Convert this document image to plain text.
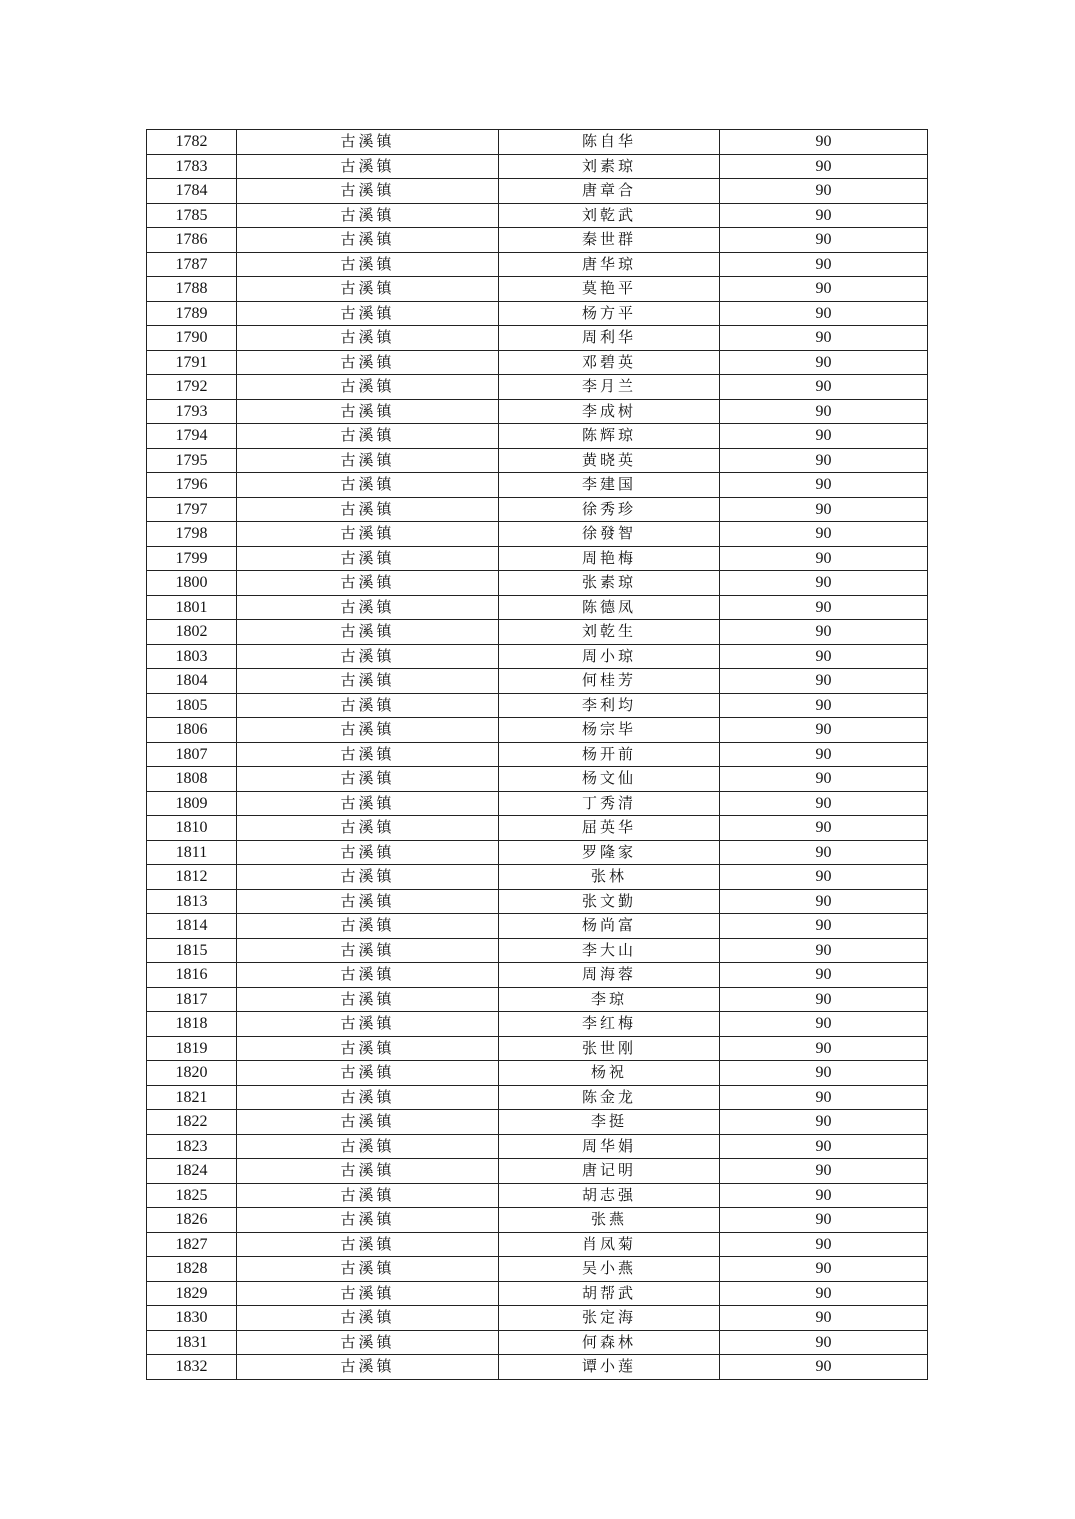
1782	古溪镇	陈自华	90
1783	古溪镇	刘素琼	90
1784	古溪镇	唐章合	90
1785	古溪镇	刘乾武	90
1786	古溪镇	秦世群	90
1787	古溪镇	唐华琼	90
1788	古溪镇	莫艳平	90
1789	古溪镇	杨方平	90
1790	古溪镇	周利华	90
1791	古溪镇	邓碧英	90
1792	古溪镇	李月兰	90
1793	古溪镇	李成树	90
1794	古溪镇	陈辉琼	90
1795	古溪镇	黄晓英	90
1796	古溪镇	李建国	90
1797	古溪镇	徐秀珍	90
1798	古溪镇	徐發智	90
1799	古溪镇	周艳梅	90
1800	古溪镇	张素琼	90
1801	古溪镇	陈德凤	90
1802	古溪镇	刘乾生	90
1803	古溪镇	周小琼	90
1804	古溪镇	何桂芳	90
1805	古溪镇	李利均	90
1806	古溪镇	杨宗毕	90
1807	古溪镇	杨开前	90
1808	古溪镇	杨文仙	90
1809	古溪镇	丁秀清	90
1810	古溪镇	屈英华	90
1811	古溪镇	罗隆家	90
1812	古溪镇	张林	90
1813	古溪镇	张文勤	90
1814	古溪镇	杨尚富	90
1815	古溪镇	李大山	90
1816	古溪镇	周海蓉	90
1817	古溪镇	李琼	90
1818	古溪镇	李红梅	90
1819	古溪镇	张世刚	90
1820	古溪镇	杨祝	90
1821	古溪镇	陈金龙	90
1822	古溪镇	李挺	90
1823	古溪镇	周华娟	90
1824	古溪镇	唐记明	90
1825	古溪镇	胡志强	90
1826	古溪镇	张燕	90
1827	古溪镇	肖凤菊	90
1828	古溪镇	吴小燕	90
1829	古溪镇	胡帮武	90
1830	古溪镇	张定海	90
1831	古溪镇	何森林	90
1832	古溪镇	谭小莲	90
